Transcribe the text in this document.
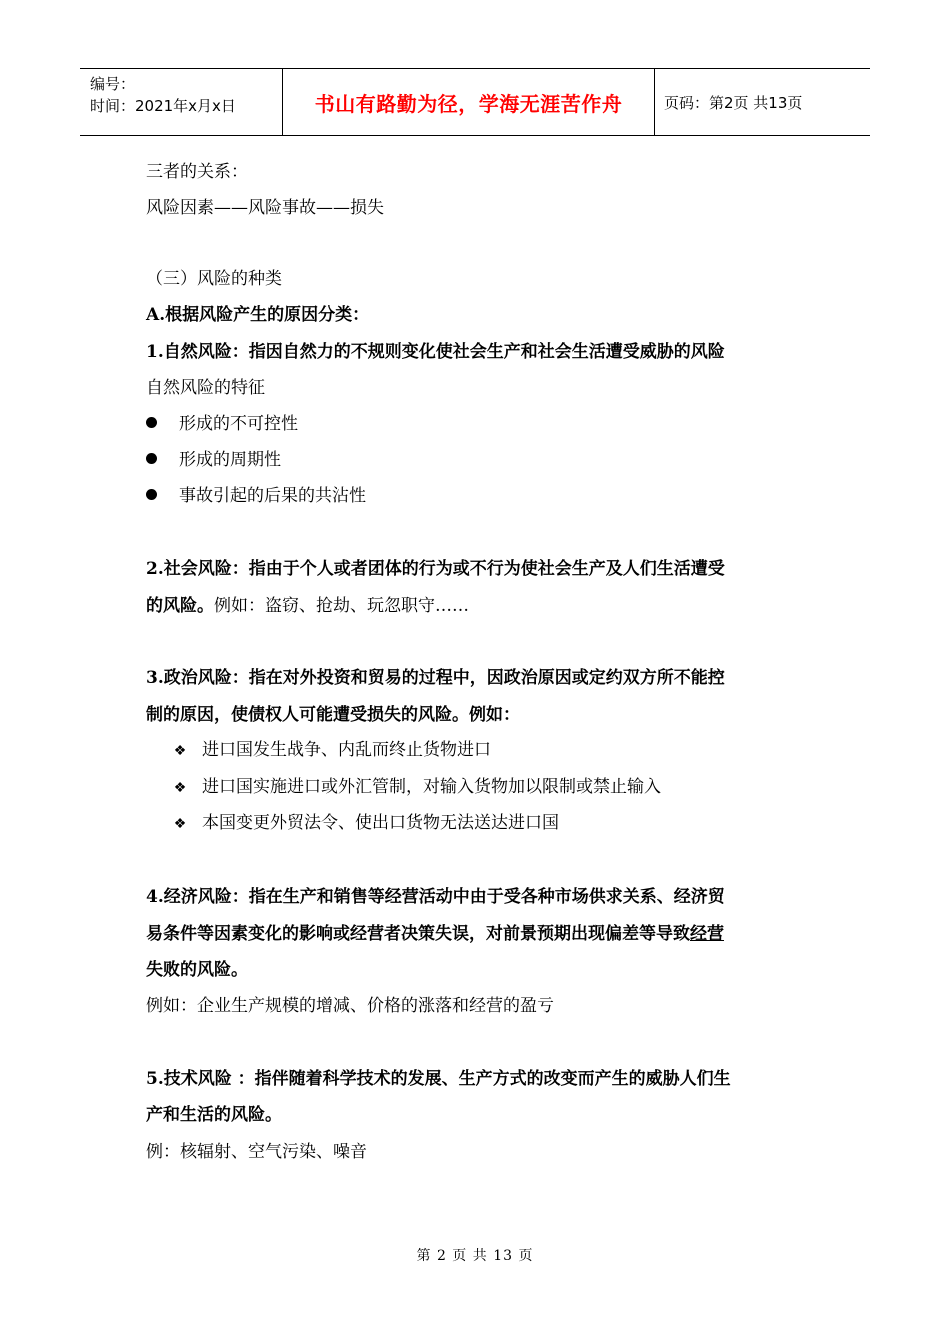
编号：
时间：2021年x月x日	书山有路勤为径，学海无涯苦作舟	页码：第2页 共13页
三者的关系：
风险因素——风险事故——损失
（三）风险的种类
A.根据风险产生的原因分类：
1.自然风险：指因自然力的不规则变化使社会生产和社会生活遭受威胁的风险
自然风险的特征
形成的不可控性
形成的周期性
事故引起的后果的共沾性
2.社会风险：指由于个人或者团体的行为或不行为使社会生产及人们生活遭受
的风险。例如：盗窃、抢劫、玩忽职守……
3.政治风险：指在对外投资和贸易的过程中，因政治原因或定约双方所不能控
制的原因，使债权人可能遭受损失的风险。例如：
❖ 进口国发生战争、内乱而终止货物进口
❖ 进口国实施进口或外汇管制，对输入货物加以限制或禁止输入
❖ 本国变更外贸法令、使出口货物无法送达进口国
4.经济风险：指在生产和销售等经营活动中由于受各种市场供求关系、经济贸
易条件等因素变化的影响或经营者决策失误，对前景预期出现偏差等导致经营
失败的风险。
例如：企业生产规模的增减、价格的涨落和经营的盈亏
5.技术风险 ：指伴随着科学技术的发展、生产方式的改变而产生的威胁人们生
产和生活的风险。
例：核辐射、空气污染、噪音
第 2 页 共 13 页
